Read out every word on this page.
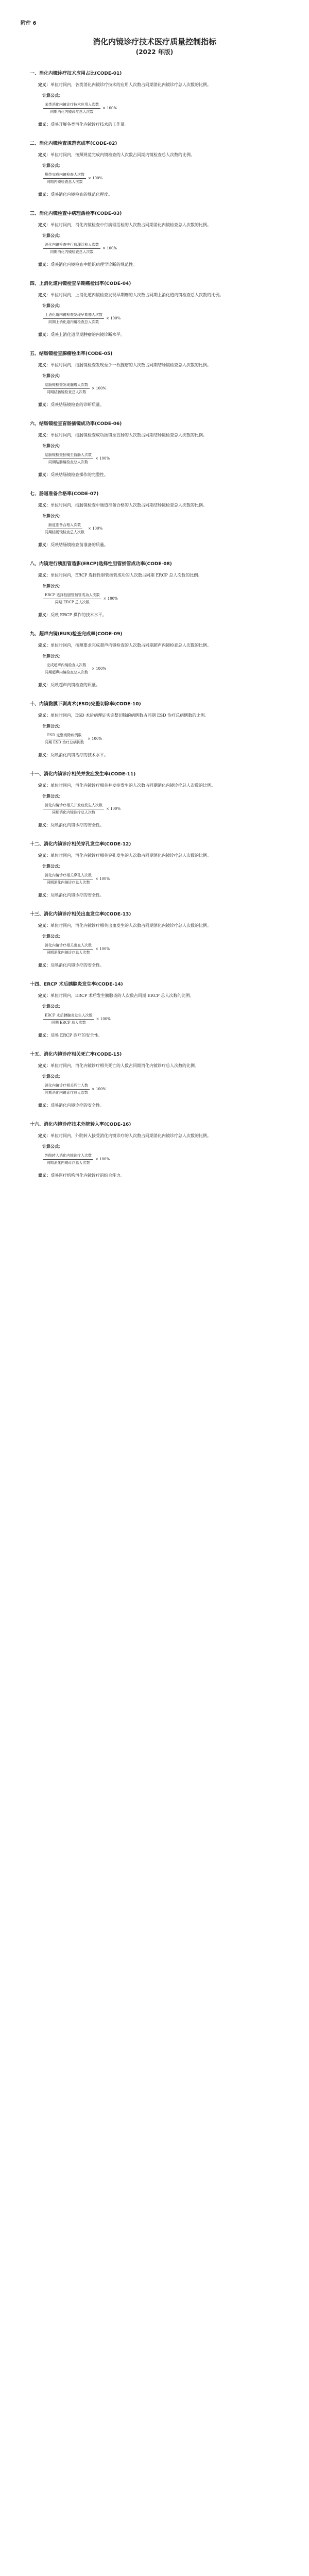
附件 6
消化内镜诊疗技术医疗质量控制指标
(2022 年版)
一、消化内镜诊疗技术应用占比(CODE-01)
定义：单位时间内，各类消化内镜诊疗技术的应用人次数占同期消化内镜诊疗总人次数的比例。
计算公式：
$\frac{\text{某类消化内镜诊疗技术应用人次数}}{\text{同期消化内镜诊疗总人次数}} \times 100\%$
意义：反映开展各类消化内镜诊疗技术的工作量。
二、消化内镜检查规范完成率(CODE-02)
定义：单位时间内，按照规范完成内镜检查的人次数占同期内镜检查总人次数的比例。
计算公式：
$\frac{\text{规范完成内镜检查人次数}}{\text{同期内镜检查总人次数}} \times 100\%$
意义：反映消化内镜检查的规范化程度。
三、消化内镜检查中病理活检率(CODE-03)
定义：单位时间内，消化内镜检查中行病理活检的人次数占同期消化内镜检查总人次数的比例。
计算公式：
$\frac{\text{消化内镜检查中行病理活检人次数}}{\text{同期消化内镜检查总人次数}} \times 100\%$
意义：反映消化内镜检查中组织病理学诊断的规范性。
四、上消化道内镜检查早期癌检出率(CODE-04)
定义：单位时间内，上消化道内镜检查发现早期癌的人次数占同期上消化道内镜检查总人次数的比例。
计算公式：
$\frac{\text{上消化道内镜检查发现早期癌人次数}}{\text{同期上消化道内镜检查总人次数}} \times 100\%$
意义：反映上消化道早期肿瘤的内镜诊断水平。
五、结肠镜检查腺瘤检出率(CODE-05)
定义：单位时间内，结肠镜检查发现至少一枚腺瘤的人次数占同期结肠镜检查总人次数的比例。
计算公式：
$\frac{\text{结肠镜检查发现腺瘤人次数}}{\text{同期结肠镜检查总人次数}} \times 100\%$
意义：反映结肠镜检查的诊断质量。
六、结肠镜检查盲肠插镜成功率(CODE-06)
定义：单位时间内，结肠镜检查成功插镜至盲肠的人次数占同期结肠镜检查总人次数的比例。
计算公式：
$\frac{\text{结肠镜检查插镜至盲肠人次数}}{\text{同期结肠镜检查总人次数}} \times 100\%$
意义：反映结肠镜检查操作的完整性。
七、肠道准备合格率(CODE-07)
定义：单位时间内，结肠镜检查中肠道准备合格的人次数占同期结肠镜检查总人次数的比例。
计算公式：
$\frac{\text{肠道准备合格人次数}}{\text{同期结肠镜检查总人次数}} \times 100\%$
意义：反映结肠镜检查前准备的质量。
八、内镜逆行胰胆管造影(ERCP)选择性胆管插管成功率(CODE-08)
定义：单位时间内，ERCP 选择性胆管插管成功的人次数占同期 ERCP 总人次数的比例。
计算公式：
$\frac{\text{ERCP 选择性胆管插管成功人次数}}{\text{同期 ERCP 总人次数}} \times 100\%$
意义：反映 ERCP 操作的技术水平。
九、超声内镜(EUS)检查完成率(CODE-09)
定义：单位时间内，按照要求完成超声内镜检查的人次数占同期超声内镜检查总人次数的比例。
计算公式：
$\frac{\text{完成超声内镜检查人次数}}{\text{同期超声内镜检查总人次数}} \times 100\%$
意义：反映超声内镜检查的质量。
十、内镜黏膜下剥离术(ESD)完整切除率(CODE-10)
定义：单位时间内，ESD 术后病理证实完整切除的病例数占同期 ESD 治疗总病例数的比例。
计算公式：
$\frac{\text{ESD 完整切除病例数}}{\text{同期 ESD 治疗总病例数}} \times 100\%$
意义：反映消化内镜治疗的技术水平。
十一、消化内镜诊疗相关并发症发生率(CODE-11)
定义：单位时间内，消化内镜诊疗相关并发症发生的人次数占同期消化内镜诊疗总人次数的比例。
计算公式：
$\frac{\text{消化内镜诊疗相关并发症发生人次数}}{\text{同期消化内镜诊疗总人次数}} \times 100\%$
意义：反映消化内镜诊疗的安全性。
十二、消化内镜诊疗相关穿孔发生率(CODE-12)
定义：单位时间内，消化内镜诊疗相关穿孔发生的人次数占同期消化内镜诊疗总人次数的比例。
计算公式：
$\frac{\text{消化内镜诊疗相关穿孔人次数}}{\text{同期消化内镜诊疗总人次数}} \times 100\%$
意义：反映消化内镜诊疗的安全性。
十三、消化内镜诊疗相关出血发生率(CODE-13)
定义：单位时间内，消化内镜诊疗相关出血发生的人次数占同期消化内镜诊疗总人次数的比例。
计算公式：
$\frac{\text{消化内镜诊疗相关出血人次数}}{\text{同期消化内镜诊疗总人次数}} \times 100\%$
意义：反映消化内镜诊疗的安全性。
十四、ERCP 术后胰腺炎发生率(CODE-14)
定义：单位时间内，ERCP 术后发生胰腺炎的人次数占同期 ERCP 总人次数的比例。
计算公式：
$\frac{\text{ERCP 术后胰腺炎发生人次数}}{\text{同期 ERCP 总人次数}} \times 100\%$
意义：反映 ERCP 诊疗的安全性。
十五、消化内镜诊疗相关死亡率(CODE-15)
定义：单位时间内，消化内镜诊疗相关死亡的人数占同期消化内镜诊疗总人次数的比例。
计算公式：
$\frac{\text{消化内镜诊疗相关死亡人数}}{\text{同期消化内镜诊疗总人次数}} \times 100\%$
意义：反映消化内镜诊疗的安全性。
十六、消化内镜诊疗技术外院转入率(CODE-16)
定义：单位时间内，外院转入接受消化内镜诊疗的人次数占同期消化内镜诊疗总人次数的比例。
计算公式：
$\frac{\text{外院转入消化内镜诊疗人次数}}{\text{同期消化内镜诊疗总人次数}} \times 100\%$
意义：反映医疗机构消化内镜诊疗的综合能力。
